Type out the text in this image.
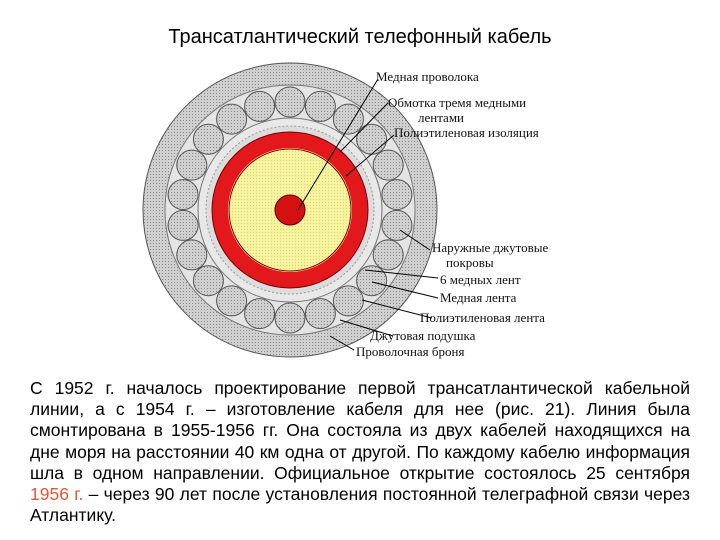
Трансатлантический телефонный кабель
Медная проволока
Обмотка тремя медными
лентами
Полиэтиленовая изоляция
Наружные джутовые
покровы
6 медных лент
Медная лента
Полиэтиленовая лента
Джутовая подушка
Проволочная броня

С 1952 г. началось проектирование первой трансатлантической кабельной линии, а с 1954 г. – изготовление кабеля для нее (рис. 21). Линия была смонтирована в 1955-1956 гг. Она состояла из двух кабелей находящихся на дне моря на расстоянии 40 км одна от другой. По каждому кабелю информация шла в одном направлении. Официальное открытие состоялось 25 сентября 1956 г. – через 90 лет после установления постоянной телеграфной связи через Атлантику.
